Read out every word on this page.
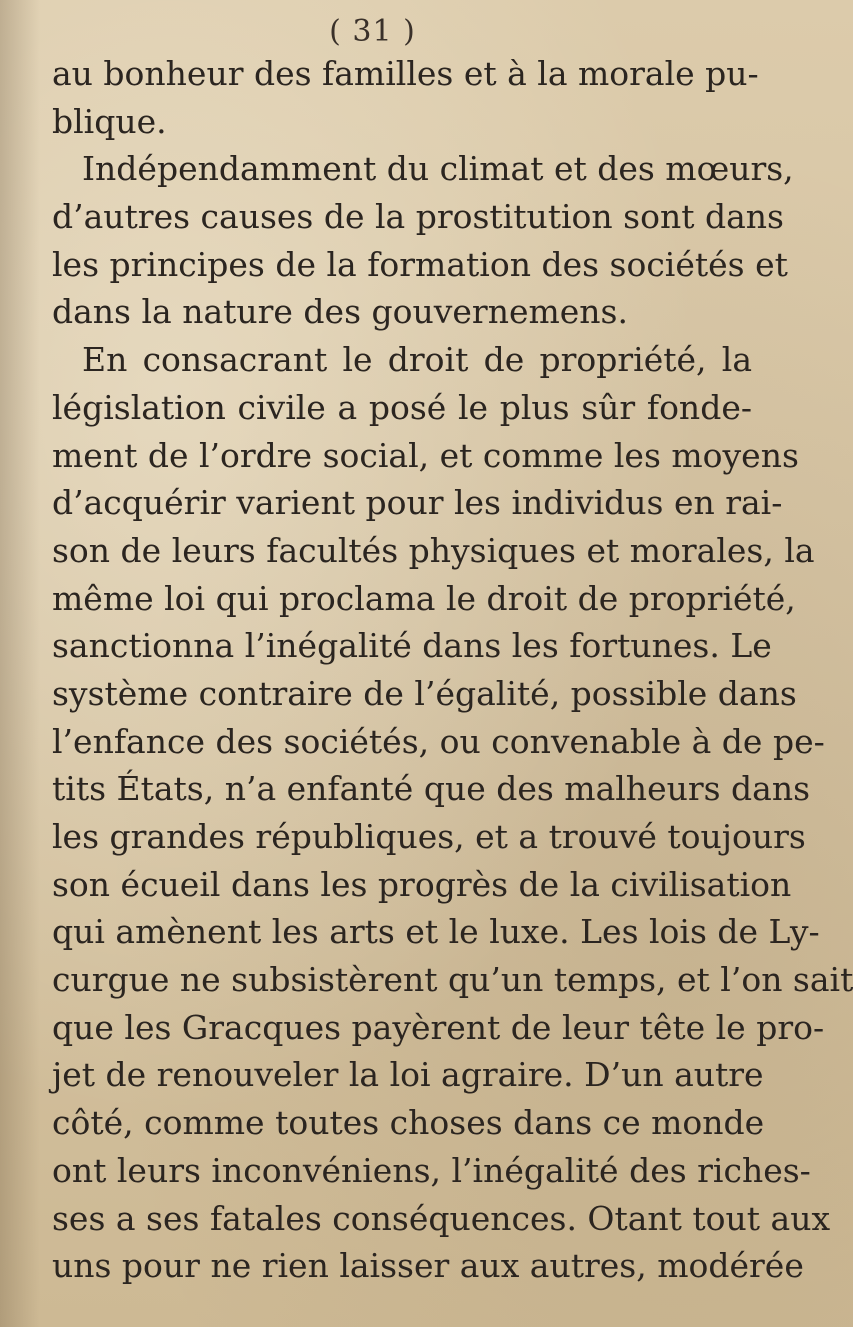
( 31 )
au bonheur des familles et à la morale pu-
blique.
Indépendamment du climat et des mœurs,
d’autres causes de la prostitution sont dans
les principes de la formation des sociétés et
dans la nature des gouvernemens.
En consacrant le droit de propriété, la
législation civile a posé le plus sûr fonde-
ment de l’ordre social, et comme les moyens
d’acquérir varient pour les individus en rai-
son de leurs facultés physiques et morales, la
même loi qui proclama le droit de propriété,
sanctionna l’inégalité dans les fortunes. Le
système contraire de l’égalité, possible dans
l’enfance des sociétés, ou convenable à de pe-
tits États, n’a enfanté que des malheurs dans
les grandes républiques, et a trouvé toujours
son écueil dans les progrès de la civilisation
qui amènent les arts et le luxe. Les lois de Ly-
curgue ne subsistèrent qu’un temps, et l’on sait
que les Gracques payèrent de leur tête le pro-
jet de renouveler la loi agraire. D’un autre
côté, comme toutes choses dans ce monde
ont leurs inconvéniens, l’inégalité des riches-
ses a ses fatales conséquences. Otant tout aux
uns pour ne rien laisser aux autres, modérée
